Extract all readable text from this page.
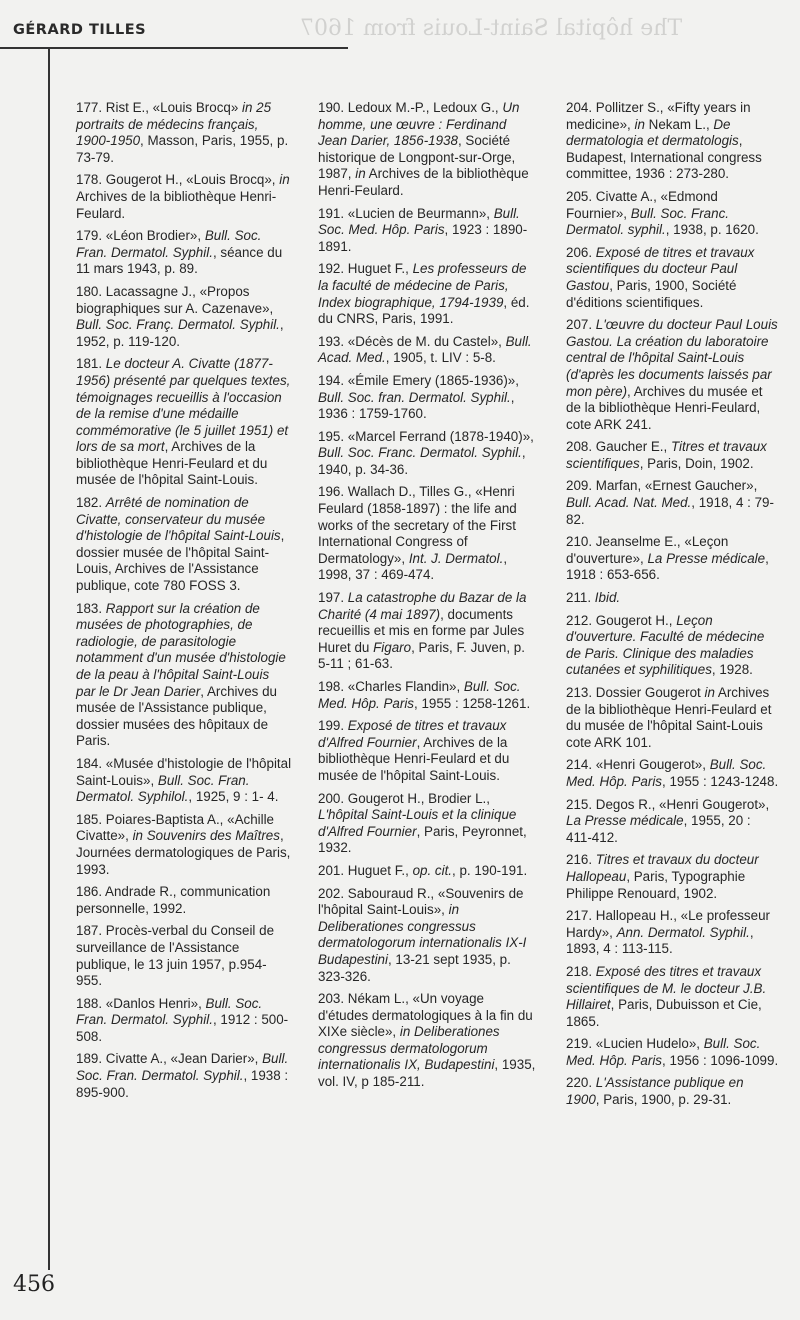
GÉRARD TILLES	The hôpital Saint-Louis from 1607

177. Rist E., «Louis Brocq» in 25 portraits de médecins français, 1900-1950, Masson, Paris, 1955, p. 73-79.

178. Gougerot H., «Louis Brocq», in Archives de la bibliothèque Henri-Feulard.

179. «Léon Brodier», Bull. Soc. Fran. Dermatol. Syphil., séance du 11 mars 1943, p. 89.

180. Lacassagne J., «Propos biographiques sur A. Cazenave», Bull. Soc. Franç. Dermatol. Syphil., 1952, p. 119-120.

181. Le docteur A. Civatte (1877-1956) présenté par quelques textes, témoignages recueillis à l'occasion de la remise d'une médaille commémorative (le 5 juillet 1951) et lors de sa mort, Archives de la bibliothèque Henri-Feulard et du musée de l'hôpital Saint-Louis.

182. Arrêté de nomination de Civatte, conservateur du musée d'histologie de l'hôpital Saint-Louis, dossier musée de l'hôpital Saint-Louis, Archives de l'Assistance publique, cote 780 FOSS 3.

183. Rapport sur la création de musées de photographies, de radiologie, de parasitologie notamment d'un musée d'histologie de la peau à l'hôpital Saint-Louis par le Dr Jean Darier, Archives du musée de l'Assistance publique, dossier musées des hôpitaux de Paris.

184. «Musée d'histologie de l'hôpital Saint-Louis», Bull. Soc. Fran. Dermatol. Syphilol., 1925, 9 : 1- 4.

185. Poiares-Baptista A., «Achille Civatte», in Souvenirs des Maîtres, Journées dermatologiques de Paris, 1993.

186. Andrade R., communication personnelle, 1992.

187. Procès-verbal du Conseil de surveillance de l'Assistance publique, le 13 juin 1957, p.954-955.

188. «Danlos Henri», Bull. Soc. Fran. Dermatol. Syphil., 1912 : 500-508.

189. Civatte A., «Jean Darier», Bull. Soc. Fran. Dermatol. Syphil., 1938 : 895-900.

190. Ledoux M.-P., Ledoux G., Un homme, une œuvre : Ferdinand Jean Darier, 1856-1938, Société historique de Longpont-sur-Orge, 1987, in Archives de la bibliothèque Henri-Feulard.

191. «Lucien de Beurmann», Bull. Soc. Med. Hôp. Paris, 1923 : 1890-1891.

192. Huguet F., Les professeurs de la faculté de médecine de Paris, Index biographique, 1794-1939, éd. du CNRS, Paris, 1991.

193. «Décès de M. du Castel», Bull. Acad. Med., 1905, t. LIV : 5-8.

194. «Émile Emery (1865-1936)», Bull. Soc. fran. Dermatol. Syphil., 1936 : 1759-1760.

195. «Marcel Ferrand (1878-1940)», Bull. Soc. Franc. Dermatol. Syphil., 1940, p. 34-36.

196. Wallach D., Tilles G., «Henri Feulard (1858-1897) : the life and works of the secretary of the First International Congress of Dermatology», Int. J. Dermatol., 1998, 37 : 469-474.

197. La catastrophe du Bazar de la Charité (4 mai 1897), documents recueillis et mis en forme par Jules Huret du Figaro, Paris, F. Juven, p. 5-11 ; 61-63.

198. «Charles Flandin», Bull. Soc. Med. Hôp. Paris, 1955 : 1258-1261.

199. Exposé de titres et travaux d'Alfred Fournier, Archives de la bibliothèque Henri-Feulard et du musée de l'hôpital Saint-Louis.

200. Gougerot H., Brodier L., L'hôpital Saint-Louis et la clinique d'Alfred Fournier, Paris, Peyronnet, 1932.

201. Huguet F., op. cit., p. 190-191.

202. Sabouraud R., «Souvenirs de l'hôpital Saint-Louis», in Deliberationes congressus dermatologorum internationalis IX-I Budapestini, 13-21 sept 1935, p. 323-326.

203. Nékam L., «Un voyage d'études dermatologiques à la fin du XIXe siècle», in Deliberationes congressus dermatologorum internationalis IX, Budapestini, 1935, vol. IV, p 185-211.

204. Pollitzer S., «Fifty years in medicine», in Nekam L., De dermatologia et dermatologis, Budapest, International congress committee, 1936 : 273-280.

205. Civatte A., «Edmond Fournier», Bull. Soc. Franc. Dermatol. syphil., 1938, p. 1620.

206. Exposé de titres et travaux scientifiques du docteur Paul Gastou, Paris, 1900, Société d'éditions scientifiques.

207. L'œuvre du docteur Paul Louis Gastou. La création du laboratoire central de l'hôpital Saint-Louis (d'après les documents laissés par mon père), Archives du musée et de la bibliothèque Henri-Feulard, cote ARK 241.

208. Gaucher E., Titres et travaux scientifiques, Paris, Doin, 1902.

209. Marfan, «Ernest Gaucher», Bull. Acad. Nat. Med., 1918, 4 : 79-82.

210. Jeanselme E., «Leçon d'ouverture», La Presse médicale, 1918 : 653-656.

211. Ibid.

212. Gougerot H., Leçon d'ouverture. Faculté de médecine de Paris. Clinique des maladies cutanées et syphilitiques, 1928.

213. Dossier Gougerot in Archives de la bibliothèque Henri-Feulard et du musée de l'hôpital Saint-Louis cote ARK 101.

214. «Henri Gougerot», Bull. Soc. Med. Hôp. Paris, 1955 : 1243-1248.

215. Degos R., «Henri Gougerot», La Presse médicale, 1955, 20 : 411-412.

216. Titres et travaux du docteur Hallopeau, Paris, Typographie Philippe Renouard, 1902.

217. Hallopeau H., «Le professeur Hardy», Ann. Dermatol. Syphil., 1893, 4 : 113-115.

218. Exposé des titres et travaux scientifiques de M. le docteur J.B. Hillairet, Paris, Dubuisson et Cie, 1865.

219. «Lucien Hudelo», Bull. Soc. Med. Hôp. Paris, 1956 : 1096-1099.

220. L'Assistance publique en 1900, Paris, 1900, p. 29-31.

456
